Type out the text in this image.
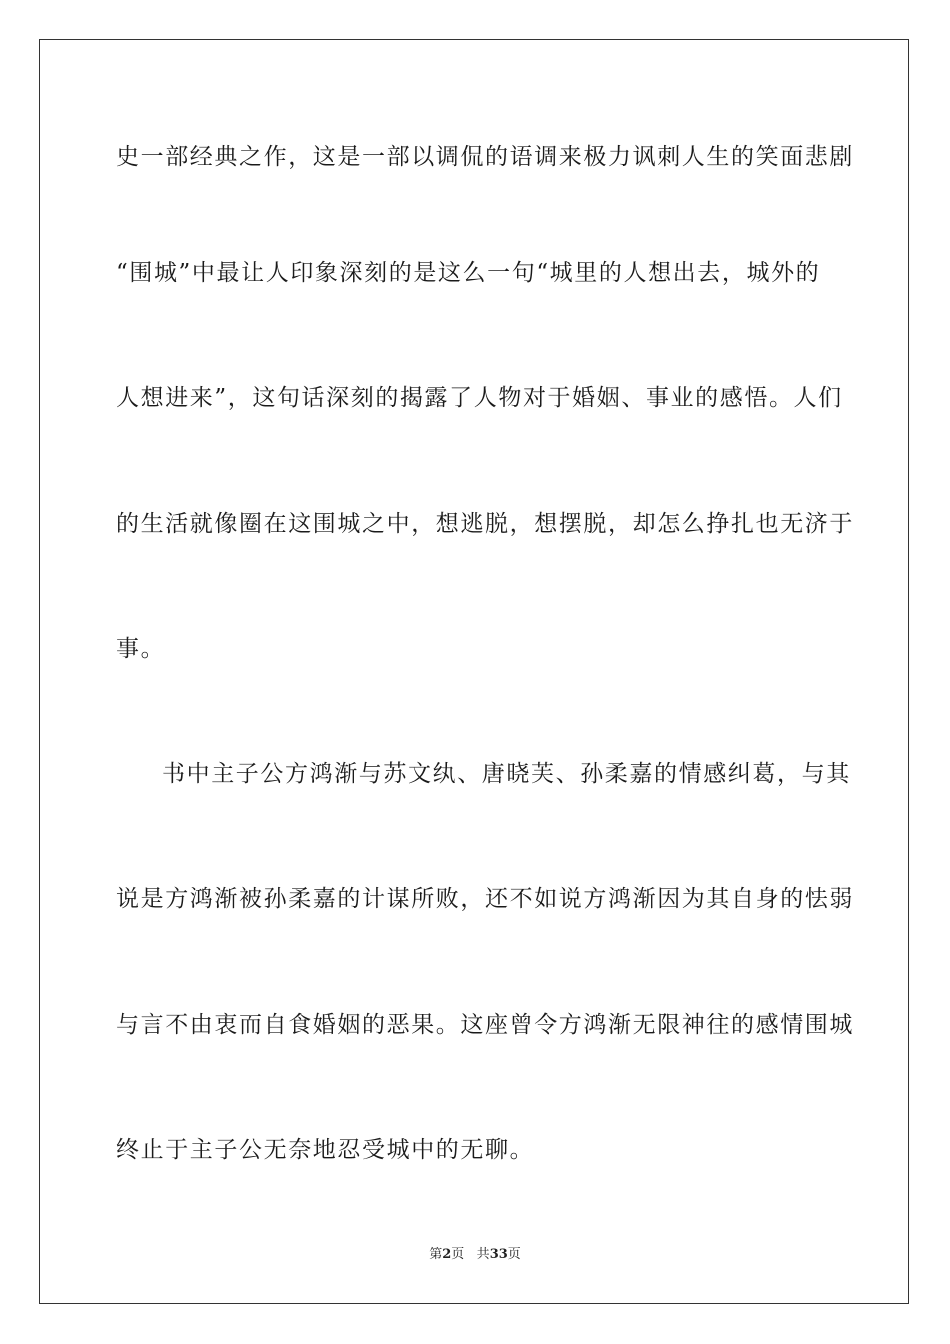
史一部经典之作，这是一部以调侃的语调来极力讽刺人生的笑面悲剧
“围城”中最让人印象深刻的是这么一句“城里的人想出去，城外的
人想进来”，这句话深刻的揭露了人物对于婚姻、事业的感悟。人们
的生活就像圈在这围城之中，想逃脱，想摆脱，却怎么挣扎也无济于
事。
书中主子公方鸿渐与苏文纨、唐晓芙、孙柔嘉的情感纠葛，与其
说是方鸿渐被孙柔嘉的计谋所败，还不如说方鸿渐因为其自身的怯弱
与言不由衷而自食婚姻的恶果。这座曾令方鸿渐无限神往的感情围城
终止于主子公无奈地忍受城中的无聊。
第2页 共33页
